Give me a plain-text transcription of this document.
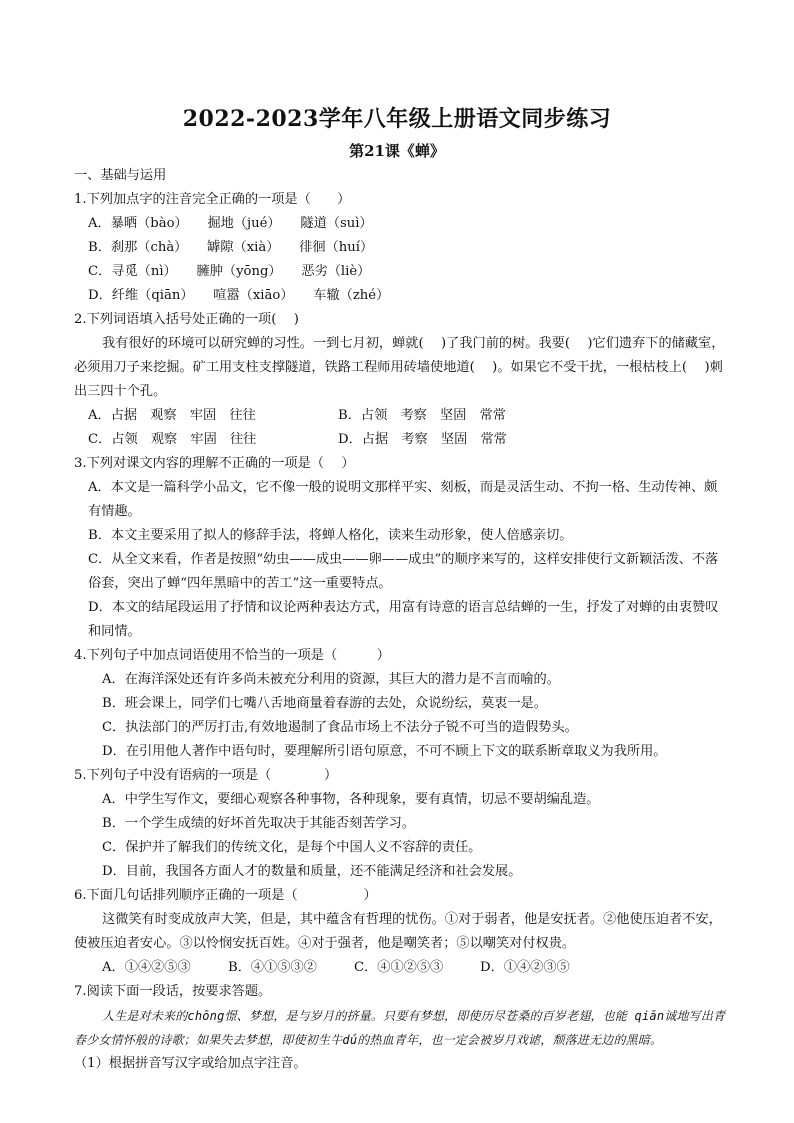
2022-2023学年八年级上册语文同步练习
第21课《蝉》

一、基础与运用

1.下列加点字的注音完全正确的一项是（　　）

A．暴晒（bào）　　掘地（jué）　　隧道（suì）

B．刹那（chà）　　罅隙（xià）　　徘徊（huí）

C．寻觅（nì）　　臃肿（yōng）　　恶劣（liè）

D．纤维（qiān）　　喧嚣（xiāo）　　车辙（zhé）

2.下列词语填入括号处正确的一项(　 )

我有很好的环境可以研究蝉的习性。一到七月初，蝉就(　 )了我门前的树。我要(　 )它们遗弃下的储藏室，必须用刀子来挖掘。矿工用支柱支撑隧道，铁路工程师用砖墙使地道(　 )。如果它不受干扰，一根枯枝上(　 )刺出三四十个孔。

A．占据　观察　牢固　往往	B．占领　考察　坚固　常常
C．占领　观察　牢固　往往	D．占据　考察　坚固　常常

3.下列对课文内容的理解不正确的一项是（　 ）

A．本文是一篇科学小品文，它不像一般的说明文那样平实、刻板，而是灵活生动、不拘一格、生动传神、颇有情趣。

B．本文主要采用了拟人的修辞手法，将蝉人格化，读来生动形象，使人倍感亲切。

C．从全文来看，作者是按照“幼虫——成虫——卵——成虫”的顺序来写的，这样安排使行文新颖活泼、不落俗套，突出了蝉“四年黑暗中的苦工”这一重要特点。

D．本文的结尾段运用了抒情和议论两种表达方式，用富有诗意的语言总结蝉的一生，抒发了对蝉的由衷赞叹和同情。

4.下列句子中加点词语使用不恰当的一项是（　　　）

A．在海洋深处还有许多尚未被充分利用的资源，其巨大的潜力是不言而喻的。

B．班会课上，同学们七嘴八舌地商量着春游的去处，众说纷纭，莫衷一是。

C．执法部门的严厉打击,有效地遏制了食品市场上不法分子锐不可当的造假势头。

D．在引用他人著作中语句时，要理解所引语句原意，不可不顾上下文的联系断章取义为我所用。

5.下列句子中没有语病的一项是（　　　　）

A．中学生写作文，要细心观察各种事物，各种现象，要有真情，切忌不要胡编乱造。

B．一个学生成绩的好坏首先取决于其能否刻苦学习。

C．保护并了解我们的传统文化，是每个中国人义不容辞的责任。

D．目前，我国各方面人才的数量和质量，还不能满足经济和社会发展。

6.下面几句话排列顺序正确的一项是（　　　　　）

这微笑有时变成放声大笑，但是，其中蕴含有哲理的忧伤。①对于弱者，他是安抚者。②他使压迫者不安，使被压迫者安心。③以怜悯安抚百姓。④对于强者，他是嘲笑者；⑤以嘲笑对付权贵。

A．①④②⑤③	B．④①⑤③②	C．④①②⑤③	D．①④②③⑤

7.阅读下面一段话，按要求答题。

人生是对未来的chōng憬、梦想，是与岁月的挤量。只要有梦想，即使历尽苍桑的百岁老翅，也能 qiān诚地写出青春少女情怀般的诗歌；如果失去梦想，即使初生牛dú的热血青年，也一定会被岁月戏谑，颓落进无边的黑暗。

（1）根据拼音写汉字或给加点字注音。
